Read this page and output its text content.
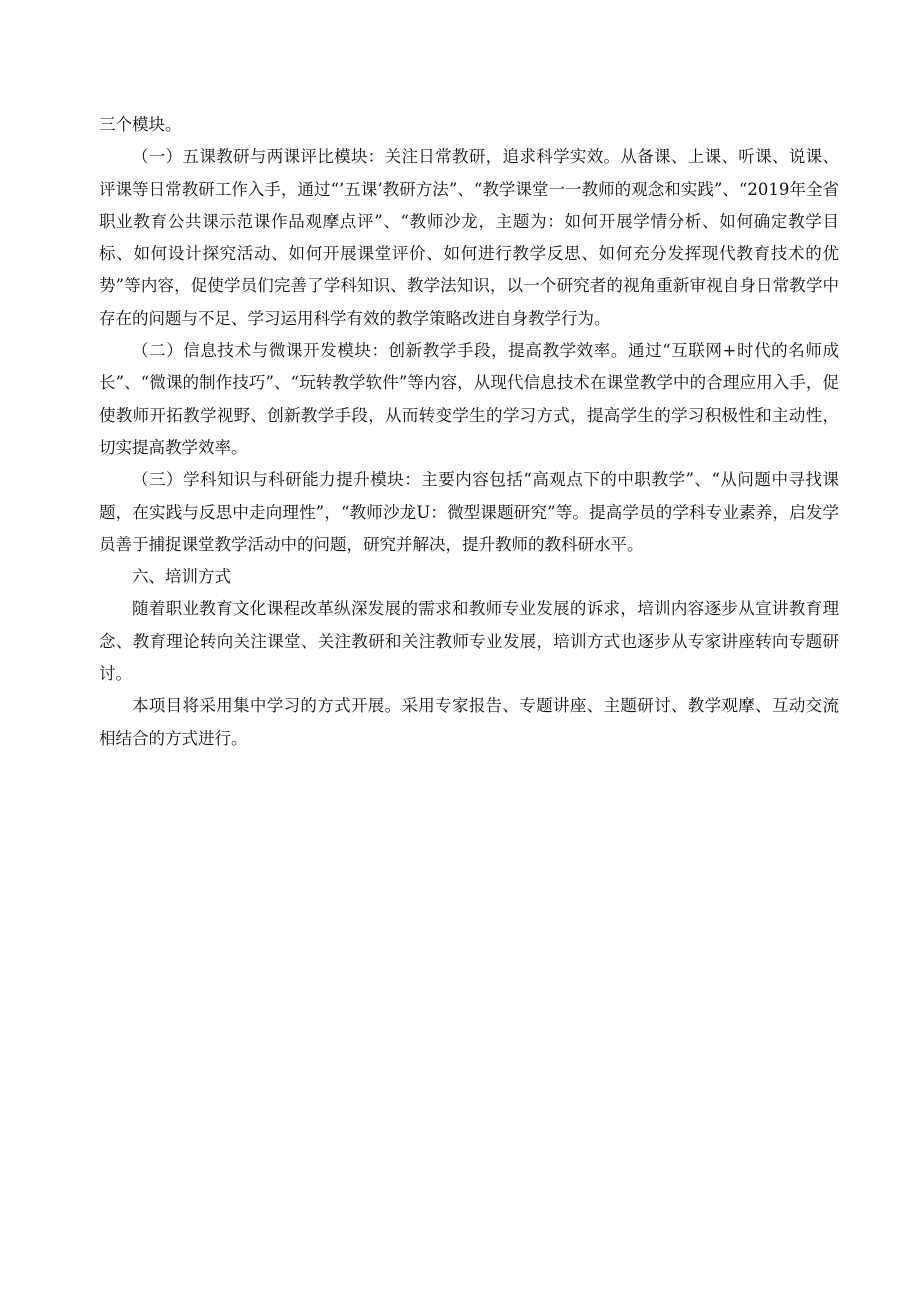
三个模块。

（一）五课教研与两课评比模块：关注日常教研，追求科学实效。从备课、上课、听课、说课、评课等日常教研工作入手，通过“’五课’教研方法”、“教学课堂一一教师的观念和实践”、“2019年全省职业教育公共课示范课作品观摩点评”、“教师沙龙，主题为：如何开展学情分析、如何确定教学目标、如何设计探究活动、如何开展课堂评价、如何进行教学反思、如何充分发挥现代教育技术的优势”等内容，促使学员们完善了学科知识、教学法知识，以一个研究者的视角重新审视自身日常教学中存在的问题与不足、学习运用科学有效的教学策略改进自身教学行为。

（二）信息技术与微课开发模块：创新教学手段，提高教学效率。通过“互联网+时代的名师成长”、“微课的制作技巧”、“玩转教学软件”等内容，从现代信息技术在课堂教学中的合理应用入手，促使教师开拓教学视野、创新教学手段，从而转变学生的学习方式，提高学生的学习积极性和主动性，切实提高教学效率。

（三）学科知识与科研能力提升模块：主要内容包括“高观点下的中职教学”、“从问题中寻找课题，在实践与反思中走向理性”，“教师沙龙U：微型课题研究”等。提高学员的学科专业素养，启发学员善于捕捉课堂教学活动中的问题，研究并解决，提升教师的教科研水平。

六、培训方式

随着职业教育文化课程改革纵深发展的需求和教师专业发展的诉求，培训内容逐步从宣讲教育理念、教育理论转向关注课堂、关注教研和关注教师专业发展，培训方式也逐步从专家讲座转向专题研讨。

本项目将采用集中学习的方式开展。采用专家报告、专题讲座、主题研讨、教学观摩、互动交流相结合的方式进行。
